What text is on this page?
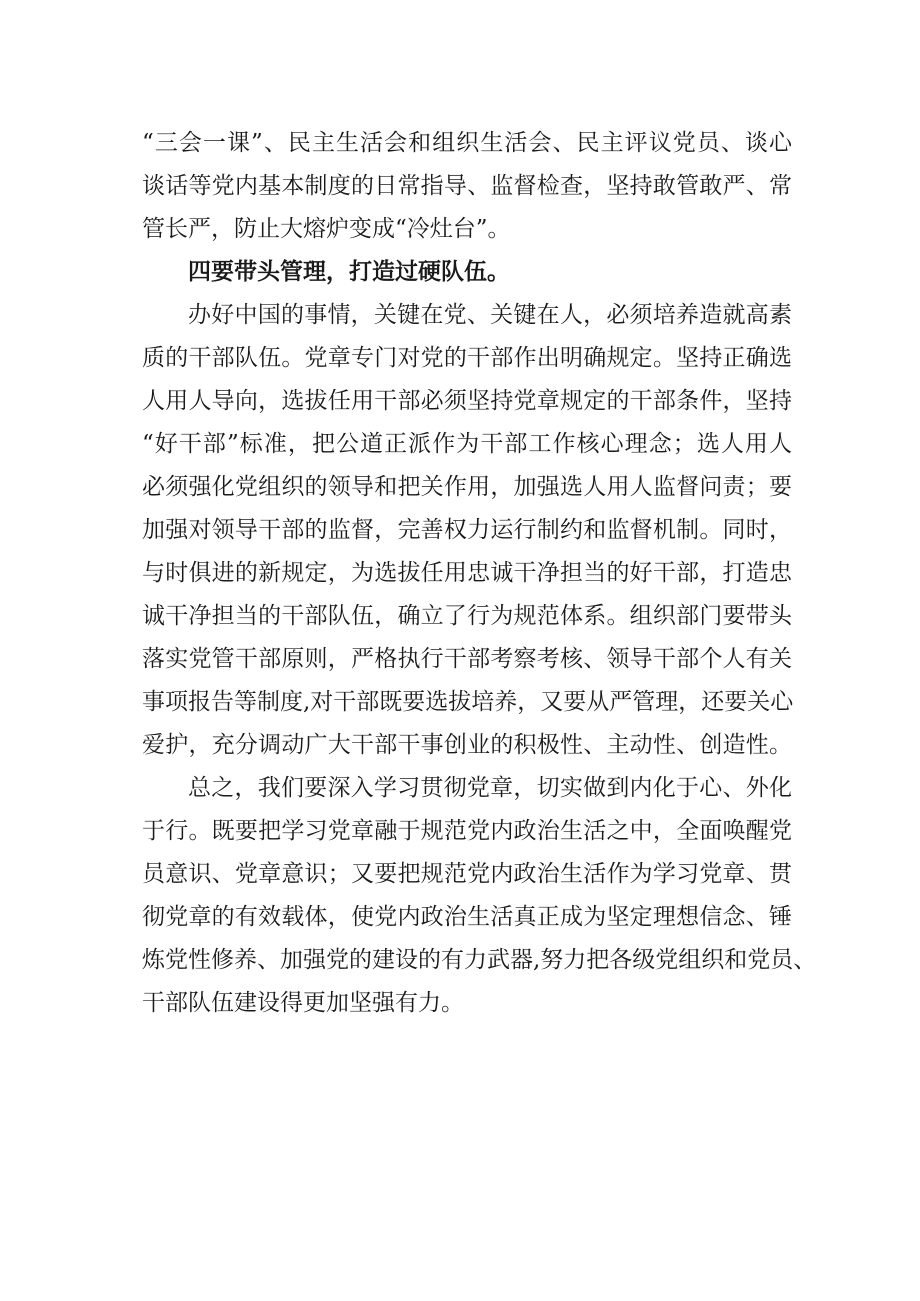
“三会一课”、民主生活会和组织生活会、民主评议党员、谈心
谈话等党内基本制度的日常指导、监督检查，坚持敢管敢严、常
管长严，防止大熔炉变成“冷灶台”。
四要带头管理，打造过硬队伍。
办好中国的事情，关键在党、关键在人，必须培养造就高素
质的干部队伍。党章专门对党的干部作出明确规定。坚持正确选
人用人导向，选拔任用干部必须坚持党章规定的干部条件，坚持
“好干部”标准，把公道正派作为干部工作核心理念；选人用人
必须强化党组织的领导和把关作用，加强选人用人监督问责；要
加强对领导干部的监督，完善权力运行制约和监督机制。同时，
与时俱进的新规定，为选拔任用忠诚干净担当的好干部，打造忠
诚干净担当的干部队伍，确立了行为规范体系。组织部门要带头
落实党管干部原则，严格执行干部考察考核、领导干部个人有关
事项报告等制度,对干部既要选拔培养，又要从严管理，还要关心
爱护，充分调动广大干部干事创业的积极性、主动性、创造性。
总之，我们要深入学习贯彻党章，切实做到内化于心、外化
于行。既要把学习党章融于规范党内政治生活之中，全面唤醒党
员意识、党章意识；又要把规范党内政治生活作为学习党章、贯
彻党章的有效载体，使党内政治生活真正成为坚定理想信念、锤
炼党性修养、加强党的建设的有力武器,努力把各级党组织和党员、
干部队伍建设得更加坚强有力。
